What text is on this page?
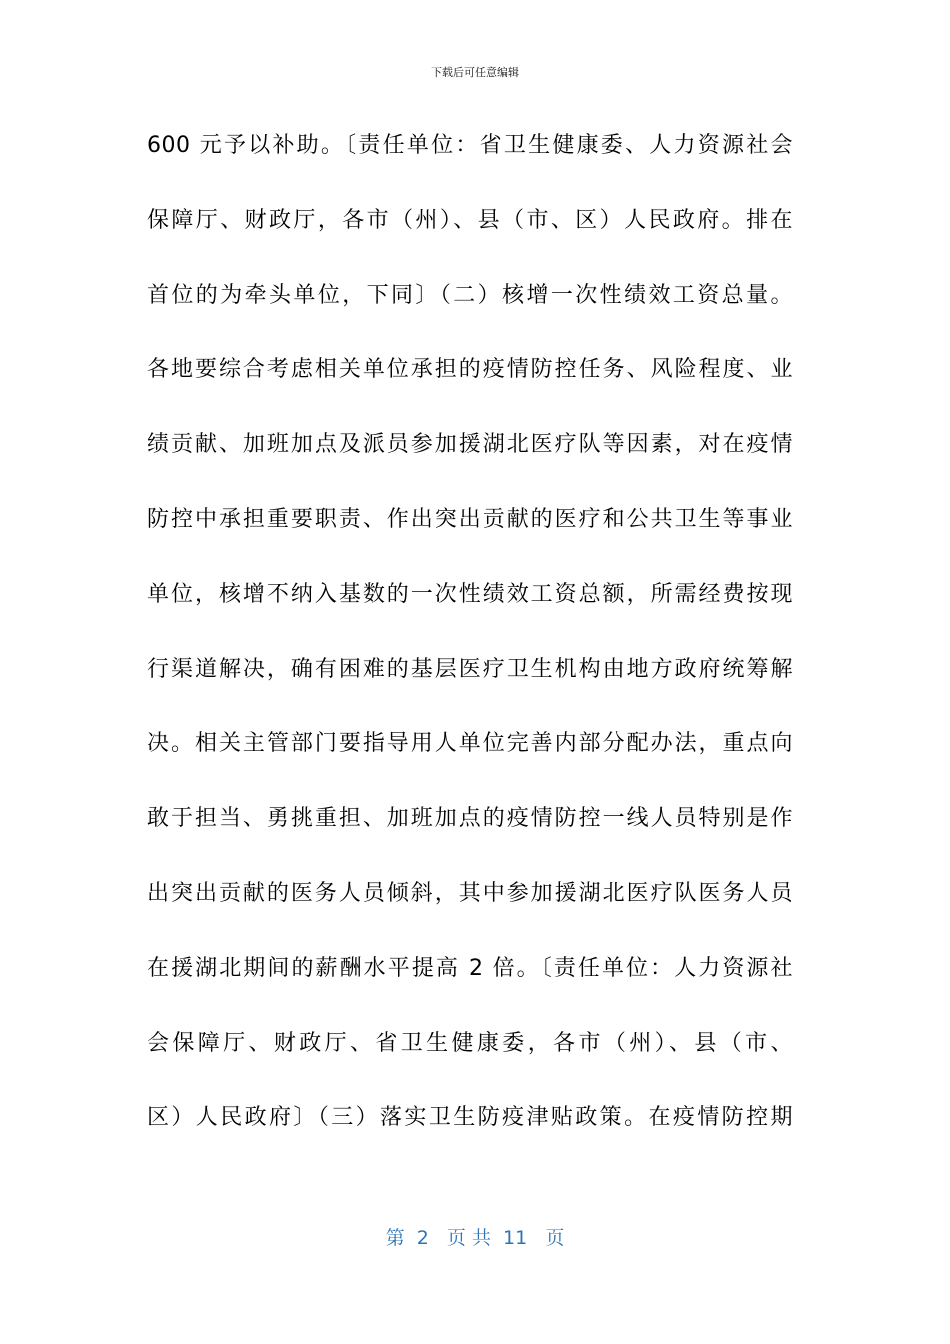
下载后可任意编辑
600 元予以补助。〔责任单位：省卫生健康委、人力资源社会
保障厅、财政厅，各市（州）、县（市、区）人民政府。排在
首位的为牵头单位，下同〕（二）核增一次性绩效工资总量。
各地要综合考虑相关单位承担的疫情防控任务、风险程度、业
绩贡献、加班加点及派员参加援湖北医疗队等因素，对在疫情
防控中承担重要职责、作出突出贡献的医疗和公共卫生等事业
单位，核增不纳入基数的一次性绩效工资总额，所需经费按现
行渠道解决，确有困难的基层医疗卫生机构由地方政府统筹解
决。相关主管部门要指导用人单位完善内部分配办法，重点向
敢于担当、勇挑重担、加班加点的疫情防控一线人员特别是作
出突出贡献的医务人员倾斜，其中参加援湖北医疗队医务人员
在援湖北期间的薪酬水平提高 2 倍。〔责任单位：人力资源社
会保障厅、财政厅、省卫生健康委，各市（州）、县（市、
区）人民政府〕（三）落实卫生防疫津贴政策。在疫情防控期
第  2   页 共  11   页
